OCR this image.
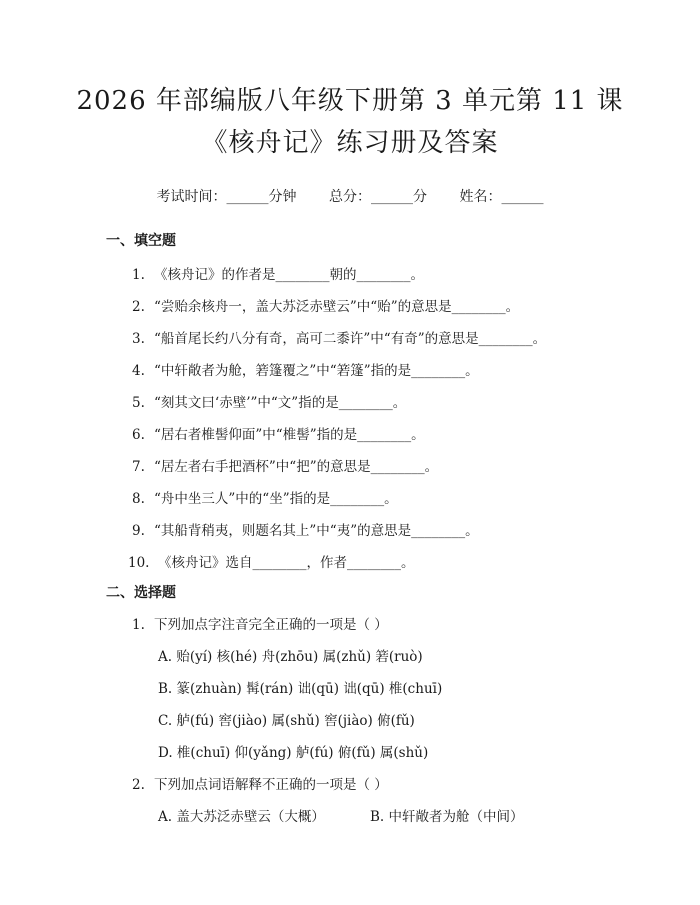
2026 年部编版八年级下册第 3 单元第 11 课
《核舟记》练习册及答案
考试时间：______分钟 总分：______分 姓名：______
一、填空题
1. 《核舟记》的作者是________朝的________。
2. “尝贻余核舟一，盖大苏泛赤壁云”中“贻”的意思是________。
3. “船首尾长约八分有奇，高可二黍许”中“有奇”的意思是________。
4. “中轩敞者为舱，箬篷覆之”中“箬篷”指的是________。
5. “刻其文曰‘赤壁’”中“文”指的是________。
6. “居右者椎髻仰面”中“椎髻”指的是________。
7. “居左者右手把酒杯”中“把”的意思是________。
8. “舟中坐三人”中的“坐”指的是________。
9. “其船背稍夷，则题名其上”中“夷”的意思是________。
10. 《核舟记》选自________，作者________。
二、选择题
1. 下列加点字注音完全正确的一项是（ ）
A. 贻(yí) 核(hé) 舟(zhōu) 属(zhǔ) 箬(ruò)
B. 篆(zhuàn) 髯(rán) 诎(qū) 诎(qū) 椎(chuī)
C. 舻(fú) 窖(jiào) 属(shǔ) 窖(jiào) 俯(fǔ)
D. 椎(chuī) 仰(yǎng) 舻(fú) 俯(fǔ) 属(shǔ)
2. 下列加点词语解释不正确的一项是（ ）
A. 盖大苏泛赤壁云（大概）	B. 中轩敞者为舱（中间）
